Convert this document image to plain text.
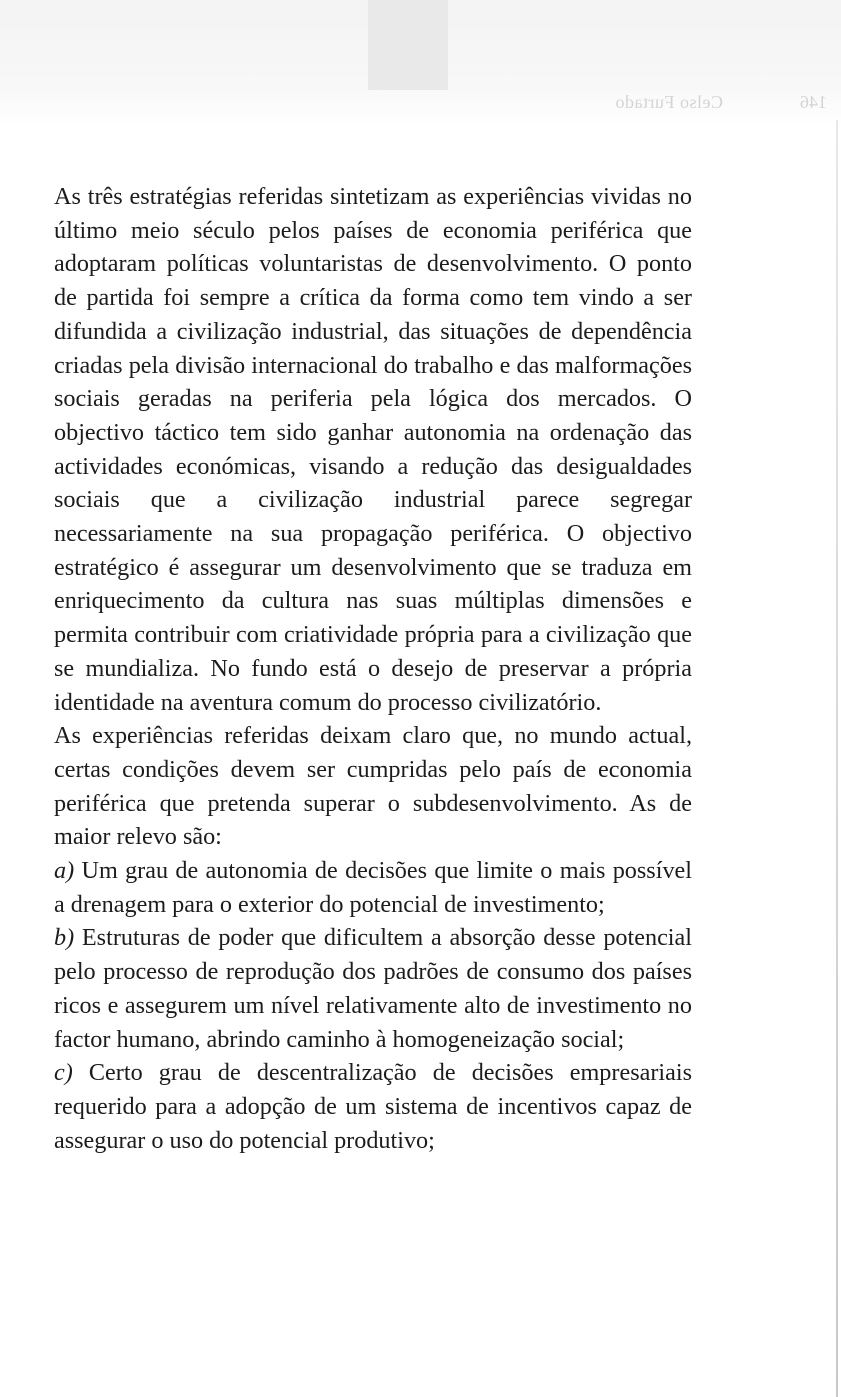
Celso Furtado	146

As três estratégias referidas sintetizam as experiências vividas no último meio século pelos países de economia periférica que adoptaram políticas voluntaristas de desenvolvimento. O ponto de partida foi sempre a crítica da forma como tem vindo a ser difundida a civilização industrial, das situações de dependência criadas pela divisão internacional do trabalho e das malformações sociais geradas na periferia pela lógica dos mercados. O objectivo táctico tem sido ganhar autonomia na ordenação das actividades económicas, visando a redução das desigualdades sociais que a civilização industrial parece segregar necessariamente na sua propagação periférica. O objectivo estratégico é assegurar um desenvolvimento que se traduza em enriquecimento da cultura nas suas múltiplas dimensões e permita contribuir com criatividade própria para a civilização que se mundializa. No fundo está o desejo de preservar a própria identidade na aventura comum do processo civilizatório.

As experiências referidas deixam claro que, no mundo actual, certas condições devem ser cumpridas pelo país de economia periférica que pretenda superar o subdesenvolvimento. As de maior relevo são:

a) Um grau de autonomia de decisões que limite o mais possível a drenagem para o exterior do potencial de investimento;

b) Estruturas de poder que dificultem a absorção desse potencial pelo processo de reprodução dos padrões de consumo dos países ricos e assegurem um nível relativamente alto de investimento no factor humano, abrindo caminho à homogeneização social;

c) Certo grau de descentralização de decisões empresariais requerido para a adopção de um sistema de incentivos capaz de assegurar o uso do potencial produtivo;
